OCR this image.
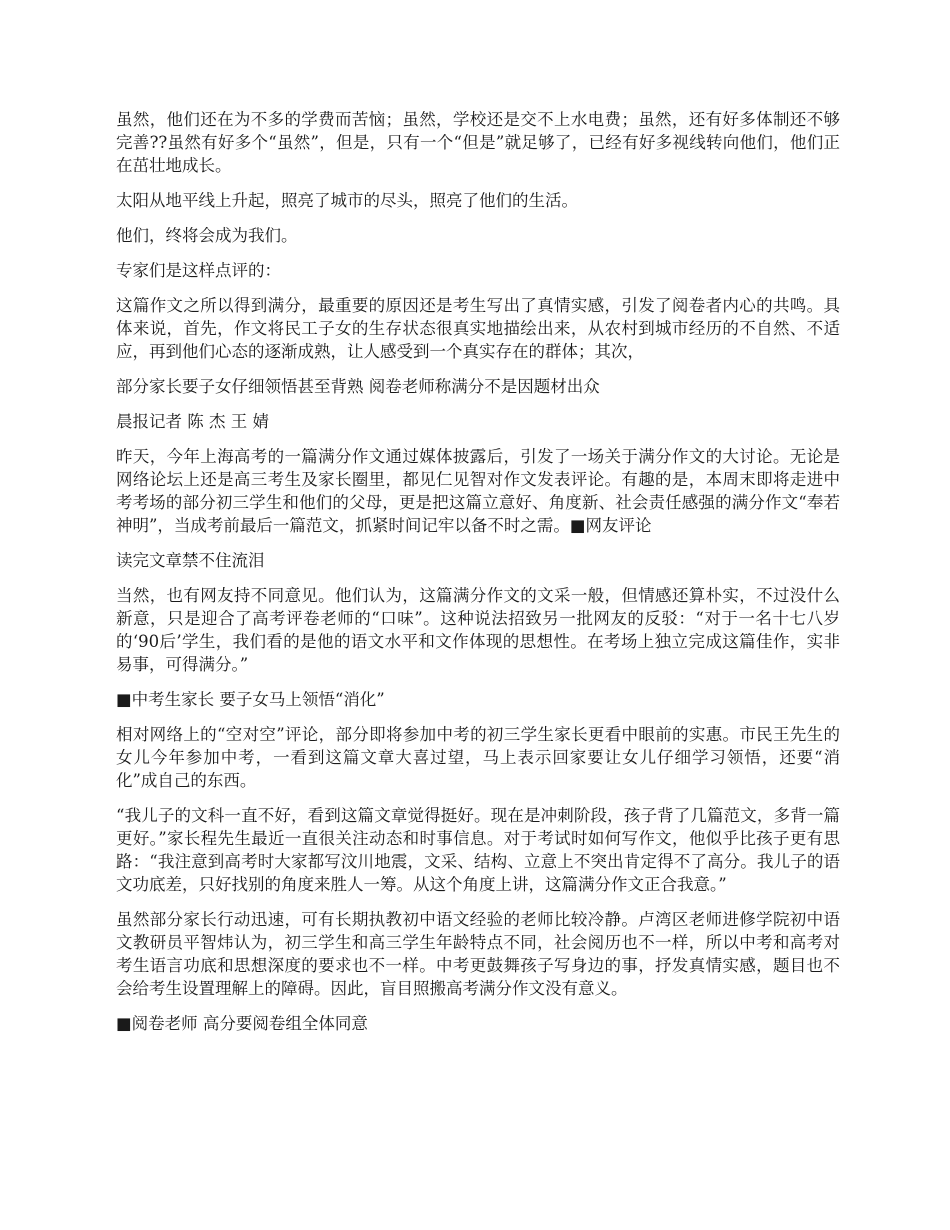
虽然，他们还在为不多的学费而苦恼；虽然，学校还是交不上水电费；虽然，还有好多体制还不够完善??虽然有好多个“虽然”，但是，只有一个“但是”就足够了，已经有好多视线转向他们，他们正在茁壮地成长。

太阳从地平线上升起，照亮了城市的尽头，照亮了他们的生活。

他们，终将会成为我们。

专家们是这样点评的：

这篇作文之所以得到满分，最重要的原因还是考生写出了真情实感，引发了阅卷者内心的共鸣。具体来说，首先，作文将民工子女的生存状态很真实地描绘出来，从农村到城市经历的不自然、不适应，再到他们心态的逐渐成熟，让人感受到一个真实存在的群体；其次，

部分家长要子女仔细领悟甚至背熟 阅卷老师称满分不是因题材出众

晨报记者 陈 杰 王 婧

昨天，今年上海高考的一篇满分作文通过媒体披露后，引发了一场关于满分作文的大讨论。无论是网络论坛上还是高三考生及家长圈里，都见仁见智对作文发表评论。有趣的是，本周末即将走进中考考场的部分初三学生和他们的父母，更是把这篇立意好、角度新、社会责任感强的满分作文“奉若神明”，当成考前最后一篇范文，抓紧时间记牢以备不时之需。■网友评论

读完文章禁不住流泪

当然，也有网友持不同意见。他们认为，这篇满分作文的文采一般，但情感还算朴实，不过没什么新意，只是迎合了高考评卷老师的“口味”。这种说法招致另一批网友的反驳：“对于一名十七八岁的‘90后’学生，我们看的是他的语文水平和文作体现的思想性。在考场上独立完成这篇佳作，实非易事，可得满分。”

■中考生家长 要子女马上领悟“消化”

相对网络上的“空对空”评论，部分即将参加中考的初三学生家长更看中眼前的实惠。市民王先生的女儿今年参加中考，一看到这篇文章大喜过望，马上表示回家要让女儿仔细学习领悟，还要“消化”成自己的东西。

“我儿子的文科一直不好，看到这篇文章觉得挺好。现在是冲刺阶段，孩子背了几篇范文，多背一篇更好。”家长程先生最近一直很关注动态和时事信息。对于考试时如何写作文，他似乎比孩子更有思路：“我注意到高考时大家都写汶川地震，文采、结构、立意上不突出肯定得不了高分。我儿子的语文功底差，只好找别的角度来胜人一筹。从这个角度上讲，这篇满分作文正合我意。”

虽然部分家长行动迅速，可有长期执教初中语文经验的老师比较冷静。卢湾区老师进修学院初中语文教研员平智炜认为，初三学生和高三学生年龄特点不同，社会阅历也不一样，所以中考和高考对考生语言功底和思想深度的要求也不一样。中考更鼓舞孩子写身边的事，抒发真情实感，题目也不会给考生设置理解上的障碍。因此，盲目照搬高考满分作文没有意义。

■阅卷老师 高分要阅卷组全体同意
